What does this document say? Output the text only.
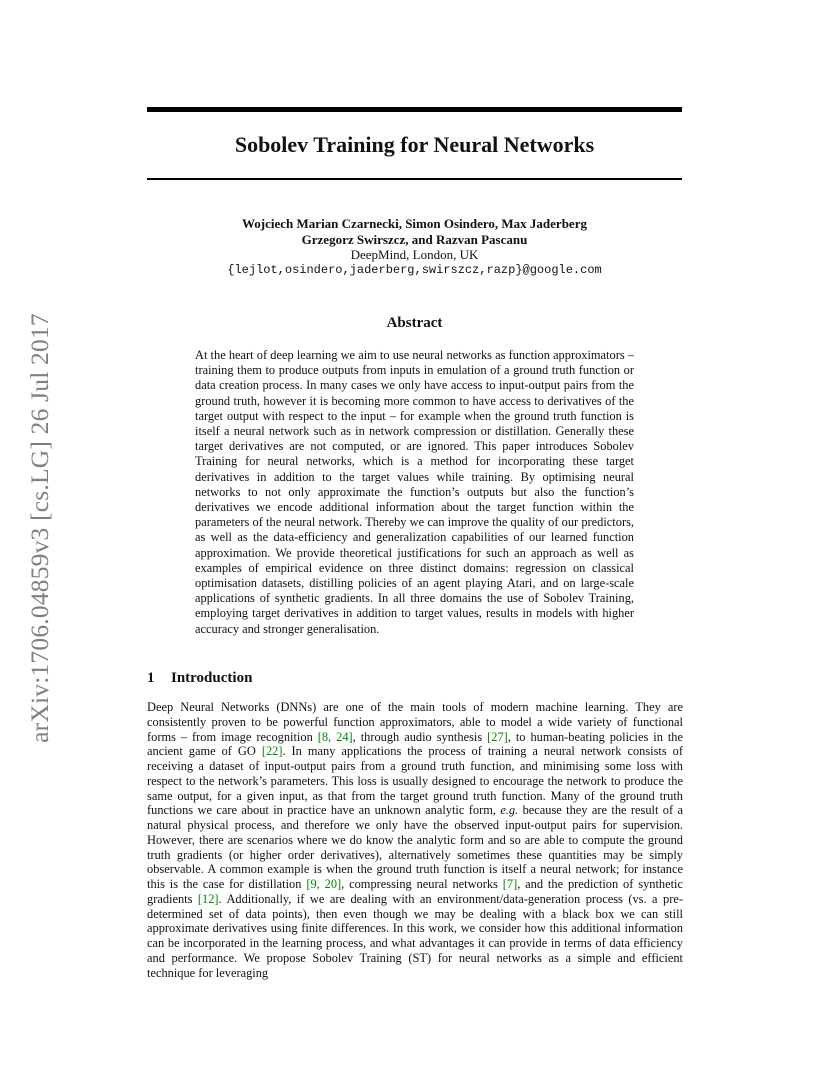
arXiv:1706.04859v3 [cs.LG] 26 Jul 2017
Sobolev Training for Neural Networks
Wojciech Marian Czarnecki, Simon Osindero, Max Jaderberg
Grzegorz Swirszcz, and Razvan Pascanu
DeepMind, London, UK
{lejlot,osindero,jaderberg,swirszcz,razp}@google.com
Abstract

At the heart of deep learning we aim to use neural networks as function approximators – training them to produce outputs from inputs in emulation of a ground truth function or data creation process. In many cases we only have access to input-output pairs from the ground truth, however it is becoming more common to have access to derivatives of the target output with respect to the input – for example when the ground truth function is itself a neural network such as in network compression or distillation. Generally these target derivatives are not computed, or are ignored. This paper introduces Sobolev Training for neural networks, which is a method for incorporating these target derivatives in addition to the target values while training. By optimising neural networks to not only approximate the function’s outputs but also the function’s derivatives we encode additional information about the target function within the parameters of the neural network. Thereby we can improve the quality of our predictors, as well as the data-efficiency and generalization capabilities of our learned function approximation. We provide theoretical justifications for such an approach as well as examples of empirical evidence on three distinct domains: regression on classical optimisation datasets, distilling policies of an agent playing Atari, and on large-scale applications of synthetic gradients. In all three domains the use of Sobolev Training, employing target derivatives in addition to target values, results in models with higher accuracy and stronger generalisation.

1 Introduction

Deep Neural Networks (DNNs) are one of the main tools of modern machine learning. They are consistently proven to be powerful function approximators, able to model a wide variety of functional forms – from image recognition [8, 24], through audio synthesis [27], to human-beating policies in the ancient game of GO [22]. In many applications the process of training a neural network consists of receiving a dataset of input-output pairs from a ground truth function, and minimising some loss with respect to the network’s parameters. This loss is usually designed to encourage the network to produce the same output, for a given input, as that from the target ground truth function. Many of the ground truth functions we care about in practice have an unknown analytic form, e.g. because they are the result of a natural physical process, and therefore we only have the observed input-output pairs for supervision. However, there are scenarios where we do know the analytic form and so are able to compute the ground truth gradients (or higher order derivatives), alternatively sometimes these quantities may be simply observable. A common example is when the ground truth function is itself a neural network; for instance this is the case for distillation [9, 20], compressing neural networks [7], and the prediction of synthetic gradients [12]. Additionally, if we are dealing with an environment/data-generation process (vs. a pre-determined set of data points), then even though we may be dealing with a black box we can still approximate derivatives using finite differences. In this work, we consider how this additional information can be incorporated in the learning process, and what advantages it can provide in terms of data efficiency and performance. We propose Sobolev Training (ST) for neural networks as a simple and efficient technique for leveraging
